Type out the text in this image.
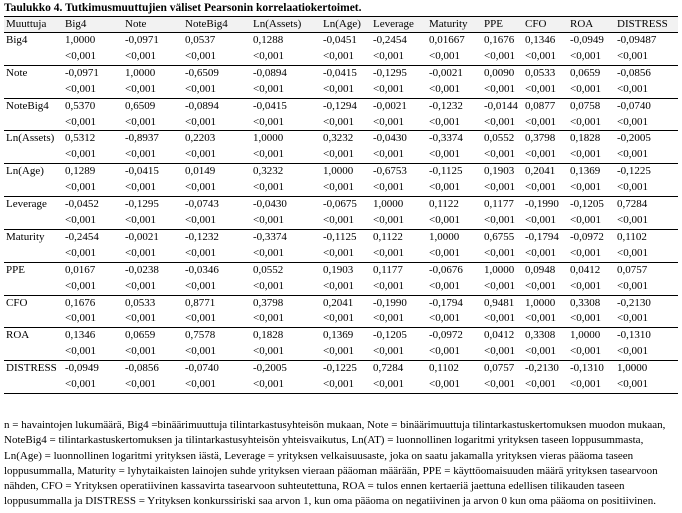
Taulukko 4. Tutkimusmuuttujien väliset Pearsonin korrelaatiokertoimet.
Muuttuja	Big4	Note	NoteBig4	Ln(Assets)	Ln(Age)	Leverage	Maturity	PPE	CFO	ROA	DISTRESS
Big4	1,0000	-0,0971	0,0537	0,1288	-0,0451	-0,2454	0,01667	0,1676	0,1346	-0,0949	-0,09487
	<0,001	<0,001	<0,001	<0,001	<0,001	<0,001	<0,001	<0,001	<0,001	<0,001	<0,001
Note	-0,0971	1,0000	-0,6509	-0,0894	-0,0415	-0,1295	-0,0021	0,0090	0,0533	0,0659	-0,0856
	<0,001	<0,001	<0,001	<0,001	<0,001	<0,001	<0,001	<0,001	<0,001	<0,001	<0,001
NoteBig4	0,5370	0,6509	-0,0894	-0,0415	-0,1294	-0,0021	-0,1232	-0,0144	0,0877	0,0758	-0,0740
	<0,001	<0,001	<0,001	<0,001	<0,001	<0,001	<0,001	<0,001	<0,001	<0,001	<0,001
Ln(Assets)	0,5312	-0,8937	0,2203	1,0000	0,3232	-0,0430	-0,3374	0,0552	0,3798	0,1828	-0,2005
	<0,001	<0,001	<0,001	<0,001	<0,001	<0,001	<0,001	<0,001	<0,001	<0,001	<0,001
Ln(Age)	0,1289	-0,0415	0,0149	0,3232	1,0000	-0,6753	-0,1125	0,1903	0,2041	0,1369	-0,1225
	<0,001	<0,001	<0,001	<0,001	<0,001	<0,001	<0,001	<0,001	<0,001	<0,001	<0,001
Leverage	-0,0452	-0,1295	-0,0743	-0,0430	-0,0675	1,0000	0,1122	0,1177	-0,1990	-0,1205	0,7284
	<0,001	<0,001	<0,001	<0,001	<0,001	<0,001	<0,001	<0,001	<0,001	<0,001	<0,001
Maturity	-0,2454	-0,0021	-0,1232	-0,3374	-0,1125	0,1122	1,0000	0,6755	-0,1794	-0,0972	0,1102
	<0,001	<0,001	<0,001	<0,001	<0,001	<0,001	<0,001	<0,001	<0,001	<0,001	<0,001
PPE	0,0167	-0,0238	-0,0346	0,0552	0,1903	0,1177	-0,0676	1,0000	0,0948	0,0412	0,0757
	<0,001	<0,001	<0,001	<0,001	<0,001	<0,001	<0,001	<0,001	<0,001	<0,001	<0,001
CFO	0,1676	0,0533	0,8771	0,3798	0,2041	-0,1990	-0,1794	0,9481	1,0000	0,3308	-0,2130
	<0,001	<0,001	<0,001	<0,001	<0,001	<0,001	<0,001	<0,001	<0,001	<0,001	<0,001
ROA	0,1346	0,0659	0,7578	0,1828	0,1369	-0,1205	-0,0972	0,0412	0,3308	1,0000	-0,1310
	<0,001	<0,001	<0,001	<0,001	<0,001	<0,001	<0,001	<0,001	<0,001	<0,001	<0,001
DISTRESS	-0,0949	-0,0856	-0,0740	-0,2005	-0,1225	0,7284	0,1102	0,0757	-0,2130	-0,1310	1,0000
	<0,001	<0,001	<0,001	<0,001	<0,001	<0,001	<0,001	<0,001	<0,001	<0,001	<0,001
n = havaintojen lukumäärä, Big4 =binäärimuuttuja tilintarkastusyhteisön mukaan, Note = binäärimuuttuja tilintarkastuskertomuksen muodon mukaan, NoteBig4 = tilintarkastuskertomuksen ja tilintarkastusyhteisön yhteisvaikutus, Ln(AT) = luonnollinen logaritmi yrityksen taseen loppusummasta, Ln(Age) = luonnollinen logaritmi yrityksen iästä, Leverage = yrityksen velkaisuusaste, joka on saatu jakamalla yrityksen vieras pääoma taseen loppusummalla, Maturity = lyhytaikaisten lainojen suhde yrityksen vieraan pääoman määrään, PPE = käyttöomaisuuden määrä yrityksen tasearvoon nähden, CFO = Yrityksen operatiivinen kassavirta tasearvoon suhteutettuna, ROA = tulos ennen kertaeriä jaettuna edellisen tilikauden taseen loppusummalla ja DISTRESS = Yrityksen konkurssiriski saa arvon 1, kun oma pääoma on negatiivinen ja arvon 0 kun oma pääoma on positiivinen.
